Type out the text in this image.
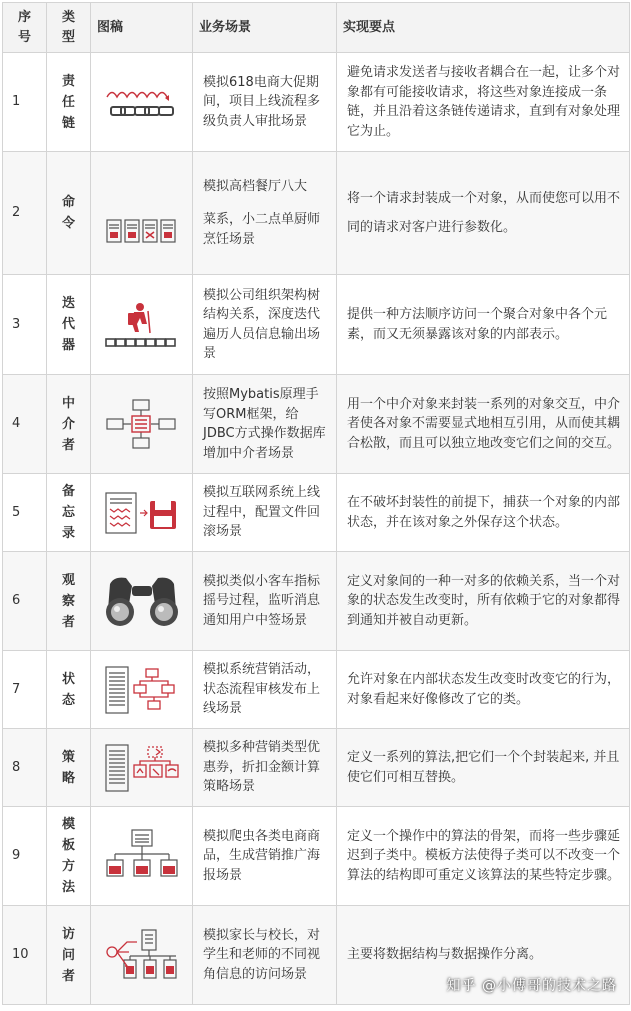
序号	类型	图稿	业务场景	实现要点
1	责任链		模拟618电商大促期间，项目上线流程多级负责人审批场景	避免请求发送者与接收者耦合在一起，让多个对象都有可能接收请求，将这些对象连接成一条链，并且沿着这条链传递请求，直到有对象处理它为止。
2	命令		模拟高档餐厅八大
菜系，小二点单厨师烹饪场景	将一个请求封装成一个对象，从而使您可以用不同的请求对客户进行参数化。
3	迭代器		模拟公司组织架构树结构关系，深度迭代遍历人员信息输出场景	提供一种方法顺序访问一个聚合对象中各个元素，而又无须暴露该对象的内部表示。
4	中介者		按照Mybatis原理手写ORM框架，给JDBC方式操作数据库增加中介者场景	用一个中介对象来封装一系列的对象交互，中介者使各对象不需要显式地相互引用，从而使其耦合松散，而且可以独立地改变它们之间的交互。
5	备忘录		模拟互联网系统上线过程中，配置文件回滚场景	在不破坏封装性的前提下，捕获一个对象的内部状态，并在该对象之外保存这个状态。
6	观察者		模拟类似小客车指标摇号过程，监听消息通知用户中签场景	定义对象间的一种一对多的依赖关系，当一个对象的状态发生改变时，所有依赖于它的对象都得到通知并被自动更新。
7	状态		模拟系统营销活动，状态流程审核发布上线场景	允许对象在内部状态发生改变时改变它的行为，对象看起来好像修改了它的类。
8	策略		模拟多种营销类型优惠券，折扣金额计算策略场景	定义一系列的算法,把它们一个个封装起来, 并且使它们可相互替换。
9	模板方法		模拟爬虫各类电商商品，生成营销推广海报场景	定义一个操作中的算法的骨架，而将一些步骤延迟到子类中。模板方法使得子类可以不改变一个算法的结构即可重定义该算法的某些特定步骤。
10	访问者		模拟家长与校长，对学生和老师的不同视角信息的访问场景	主要将数据结构与数据操作分离。
知乎 @小傅哥的技术之路
